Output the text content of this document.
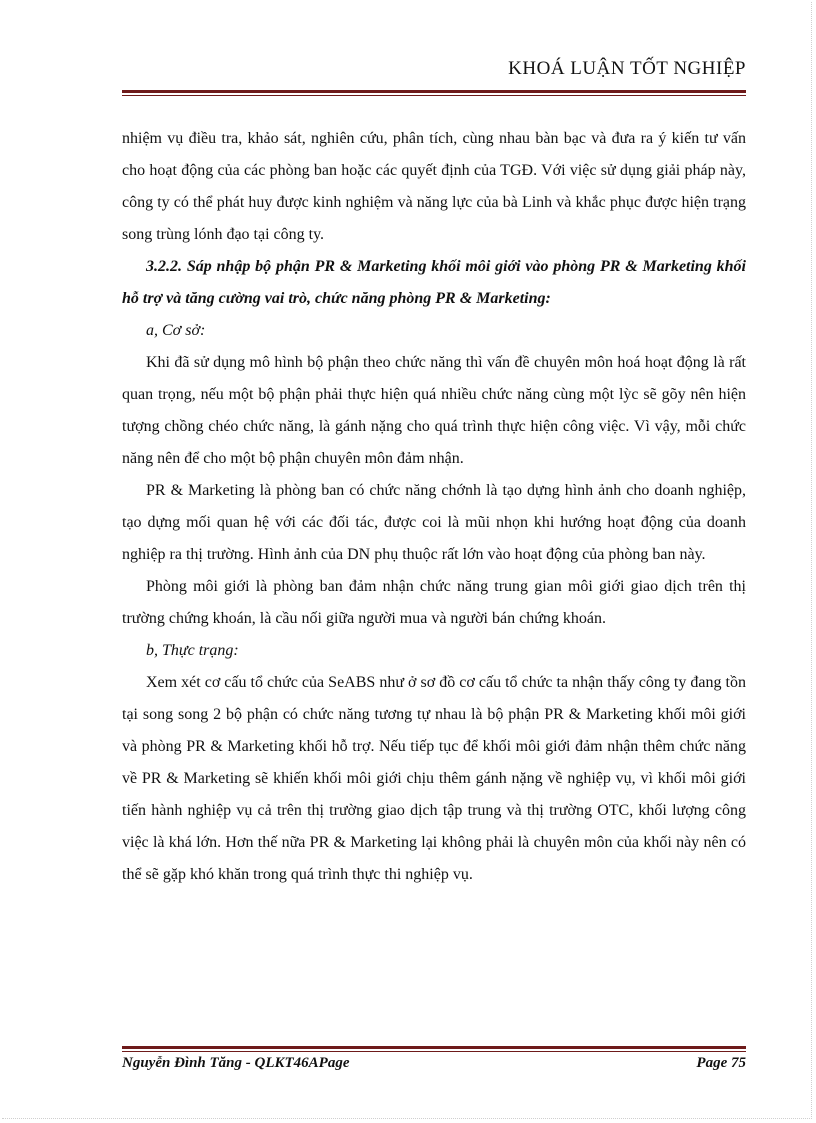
KHOÁ LUẬN TỐT NGHIỆP

nhiệm vụ điều tra, khảo sát, nghiên cứu, phân tích, cùng nhau bàn bạc và đưa ra ý kiến tư vấn cho hoạt động của các phòng ban hoặc các quyết định của TGĐ. Với việc sử dụng giải pháp này, công ty có thể phát huy được kinh nghiệm và năng lực của bà Linh và khắc phục được hiện trạng song trùng lónh đạo tại công ty.

3.2.2. Sáp nhập bộ phận PR & Marketing khối môi giới vào phòng PR & Marketing khối hỗ trợ và tăng cường vai trò, chức năng phòng PR & Marketing:

a, Cơ sở:

Khi đã sử dụng mô hình bộ phận theo chức năng thì vấn đề chuyên môn hoá hoạt động là rất quan trọng, nếu một bộ phận phải thực hiện quá nhiều chức năng cùng một lỳc sẽ gõy nên hiện tượng chồng chéo chức năng, là gánh nặng cho quá trình thực hiện công việc. Vì vậy, mỗi chức năng nên để cho một bộ phận chuyên môn đảm nhận.

PR & Marketing là phòng ban có chức năng chớnh là tạo dựng hình ảnh cho doanh nghiệp, tạo dựng mối quan hệ với các đối tác, được coi là mũi nhọn khi hướng hoạt động của doanh nghiệp ra thị trường. Hình ảnh của DN phụ thuộc rất lớn vào hoạt động của phòng ban này.

Phòng môi giới là phòng ban đảm nhận chức năng trung gian môi giới giao dịch trên thị trường chứng khoán, là cầu nối giữa người mua và người bán chứng khoán.

b, Thực trạng:

Xem xét cơ cấu tổ chức của SeABS như ở sơ đồ cơ cấu tổ chức ta nhận thấy công ty đang tồn tại song song 2 bộ phận có chức năng tương tự nhau là bộ phận PR & Marketing khối môi giới và phòng PR & Marketing khối hỗ trợ. Nếu tiếp tục để khối môi giới đảm nhận thêm chức năng về PR & Marketing sẽ khiến khối môi giới chịu thêm gánh nặng về nghiệp vụ, vì khối môi giới tiến hành nghiệp vụ cả trên thị trường giao dịch tập trung và thị trường OTC, khối lượng công việc là khá lớn. Hơn thế nữa PR & Marketing lại không phải là chuyên môn của khối này nên có thể sẽ gặp khó khăn trong quá trình thực thi nghiệp vụ.

Nguyễn Đình Tăng - QLKT46APage	Page 75
